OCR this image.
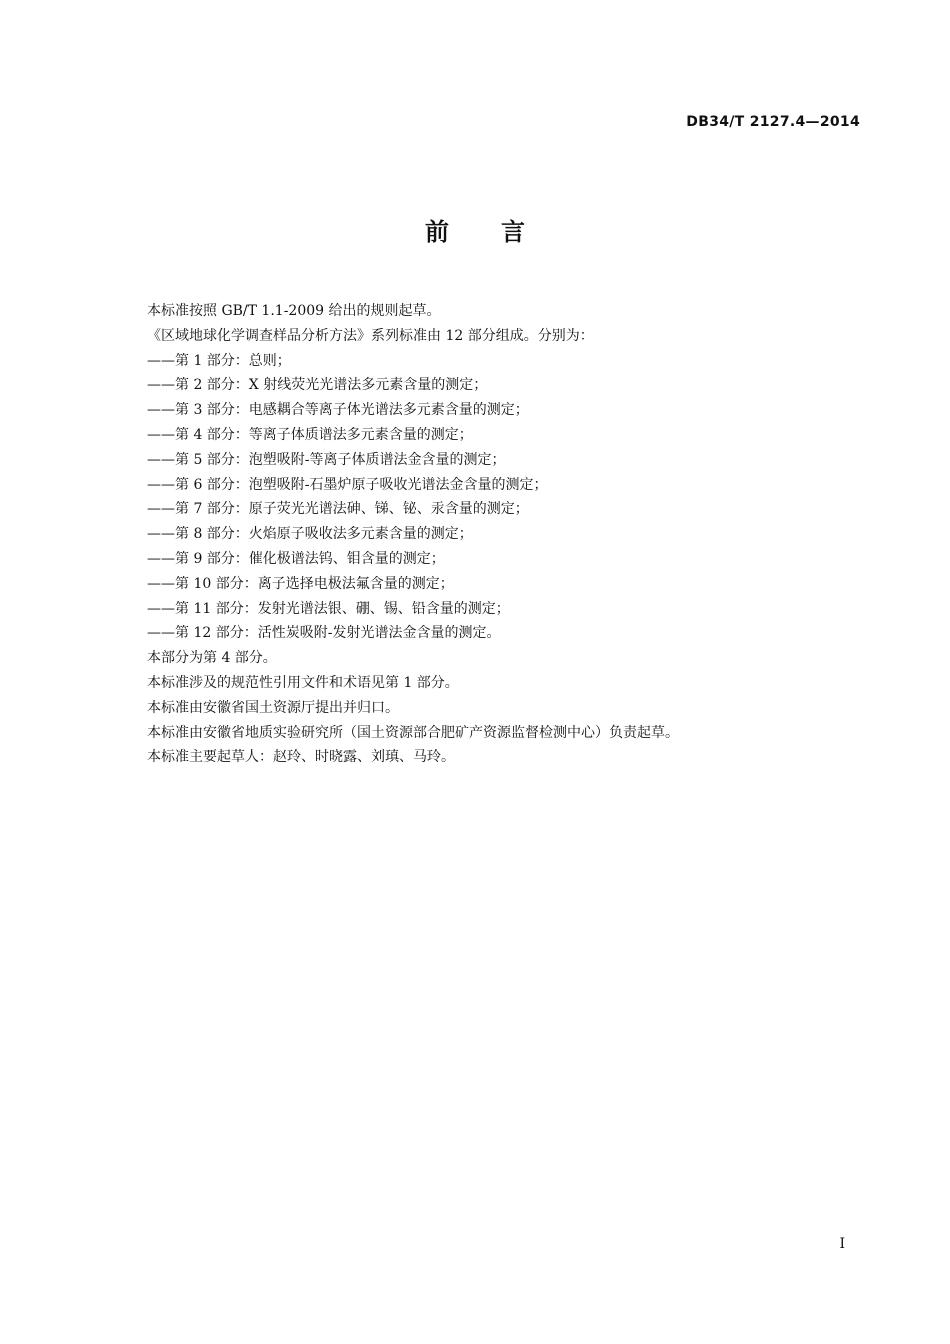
DB34/T 2127.4—2014
前 言

本标准按照 GB/T 1.1-2009 给出的规则起草。

《区域地球化学调查样品分析方法》系列标准由 12 部分组成。分别为：

——第 1 部分：总则；

——第 2 部分：X 射线荧光光谱法多元素含量的测定；

——第 3 部分：电感耦合等离子体光谱法多元素含量的测定；

——第 4 部分：等离子体质谱法多元素含量的测定；

——第 5 部分：泡塑吸附-等离子体质谱法金含量的测定；

——第 6 部分：泡塑吸附-石墨炉原子吸收光谱法金含量的测定；

——第 7 部分：原子荧光光谱法砷、锑、铋、汞含量的测定；

——第 8 部分：火焰原子吸收法多元素含量的测定；

——第 9 部分：催化极谱法钨、钼含量的测定；

——第 10 部分：离子选择电极法氟含量的测定；

——第 11 部分：发射光谱法银、硼、锡、铅含量的测定；

——第 12 部分：活性炭吸附-发射光谱法金含量的测定。

本部分为第 4 部分。

本标准涉及的规范性引用文件和术语见第 1 部分。

本标准由安徽省国土资源厅提出并归口。

本标准由安徽省地质实验研究所（国土资源部合肥矿产资源监督检测中心）负责起草。

本标准主要起草人：赵玲、时晓露、刘瑱、马玲。

I
